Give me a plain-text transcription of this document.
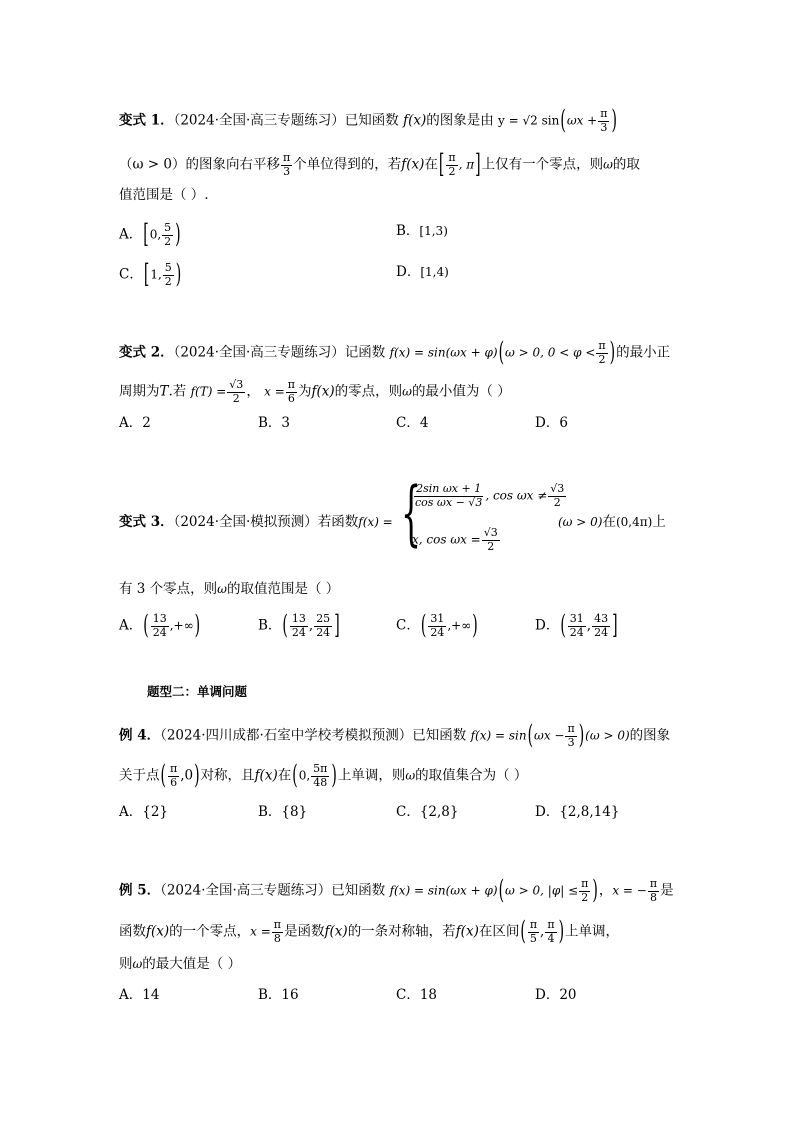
变式 1．（2024·全国·高三专题练习）已知函数 f(x)的图象是由 y = √2 $\sin(\omega x + \frac{\pi}{3}$ )
（ω > 0）的图象向右平移 $\frac{\pi}{3}$ 个单位得到的，若f(x)在[ $\frac{\pi}{2}$ , π]上仅有一个零点，则ω的取
值范围是（ ）.
A．[0, $\frac{5}{2}$ )	B．[1,3)
C．[1, $\frac{5}{2}$ )	D．[1,4)
变式 2．（2024·全国·高三专题练习）记函数 f(x) = sin(ωx + φ)(ω > 0, $0 < \varphi < \frac{\pi}{2}$ )的最小正
周期为T.若 $f(T) = \frac{√3}{2}$ ， $x = \frac{\pi}{6}$ 为f(x)的零点，则ω的最小值为（ ）
A．2	B．3	C．4	D．6
变式 3．（2024·全国·模拟预测）若函数f(x) = {
$\frac{\text{2sin ωx + 1}}{\text{cos ωx − √3}}$ , $\cos \omega x \ne \frac{√3}{2}$
x, $\cos \omega x = \frac{√3}{2}$
(ω > 0)在(0,4π)上
有 3 个零点，则ω的取值范围是（ ）
A．( $\frac{13}{24}$ ,+∞)	B．( $\frac{13}{24}$ , $\frac{25}{24}$ ]	C．( $\frac{31}{24}$ ,+∞)	D．( $\frac{31}{24}$ , $\frac{43}{24}$ ]
题型二：单调问题
例 4．（2024·四川成都·石室中学校考模拟预测）已知函数 $f(x) = \sin(\omega x - \frac{\pi}{3} )(\omega > 0)$的图象
关于点( $\frac{\pi}{6} ,0$)对称，且f(x)在(0, $\frac{5\pi}{48}$ )上单调，则ω的取值集合为（ ）
A．{2}	B．{8}	C．{2,8}	D．{2,8,14}
例 5．（2024·全国·高三专题练习）已知函数 f(x) = sin(ωx + φ)(ω > 0, $|\varphi| \le \frac{\pi}{2}$ )，x = − $\frac{\pi}{8}$ 是
函数f(x)的一个零点，$x = \frac{\pi}{8}$ 是函数f(x)的一条对称轴，若f(x)在区间( $\frac{\pi}{5}$ , $\frac{\pi}{4}$ )上单调，
则ω的最大值是（ ）
A．14	B．16	C．18	D．20
